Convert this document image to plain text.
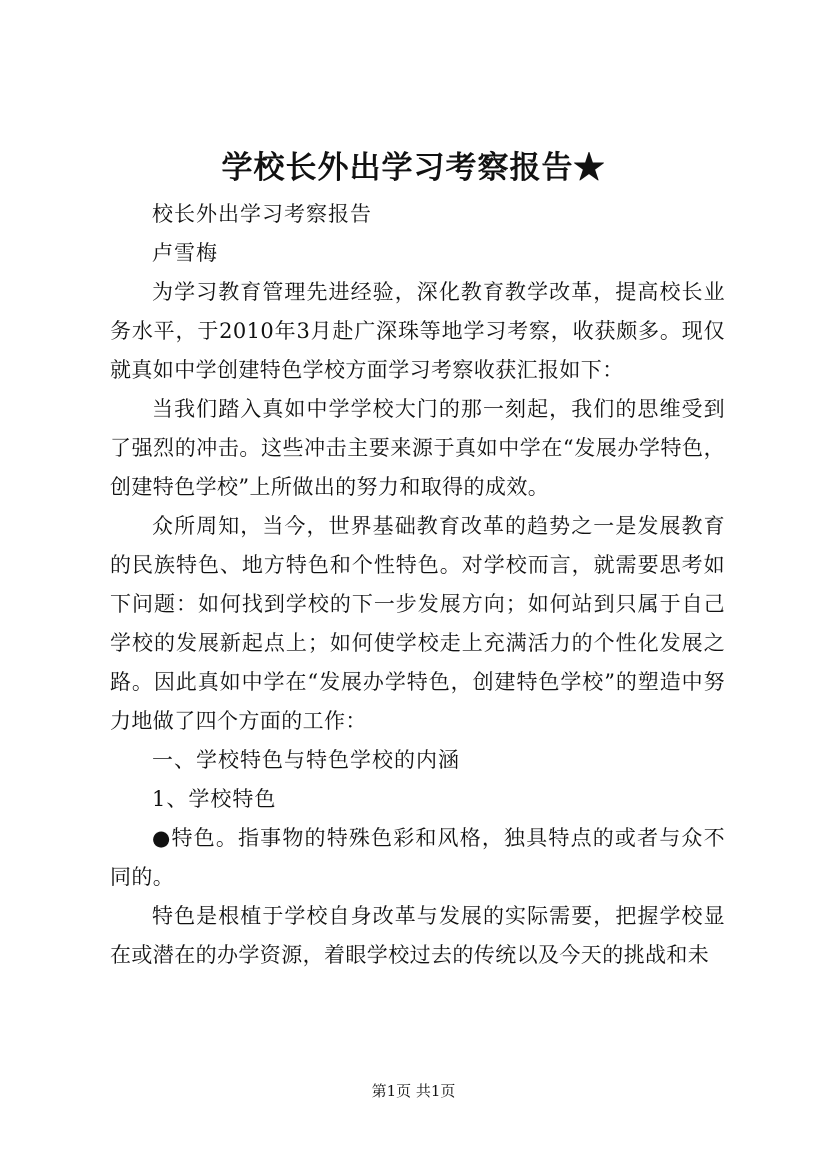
学校长外出学习考察报告★

校长外出学习考察报告

卢雪梅

为学习教育管理先进经验，深化教育教学改革，提高校长业务水平，于2010年3月赴广深珠等地学习考察，收获颇多。现仅就真如中学创建特色学校方面学习考察收获汇报如下：

当我们踏入真如中学学校大门的那一刻起，我们的思维受到了强烈的冲击。这些冲击主要来源于真如中学在“发展办学特色，创建特色学校”上所做出的努力和取得的成效。

众所周知，当今，世界基础教育改革的趋势之一是发展教育的民族特色、地方特色和个性特色。对学校而言，就需要思考如下问题：如何找到学校的下一步发展方向；如何站到只属于自己学校的发展新起点上；如何使学校走上充满活力的个性化发展之路。因此真如中学在“发展办学特色，创建特色学校”的塑造中努力地做了四个方面的工作：

一、学校特色与特色学校的内涵

1、学校特色

●特色。指事物的特殊色彩和风格，独具特点的或者与众不同的。

特色是根植于学校自身改革与发展的实际需要，把握学校显在或潜在的办学资源，着眼学校过去的传统以及今天的挑战和未

第1页 共1页
